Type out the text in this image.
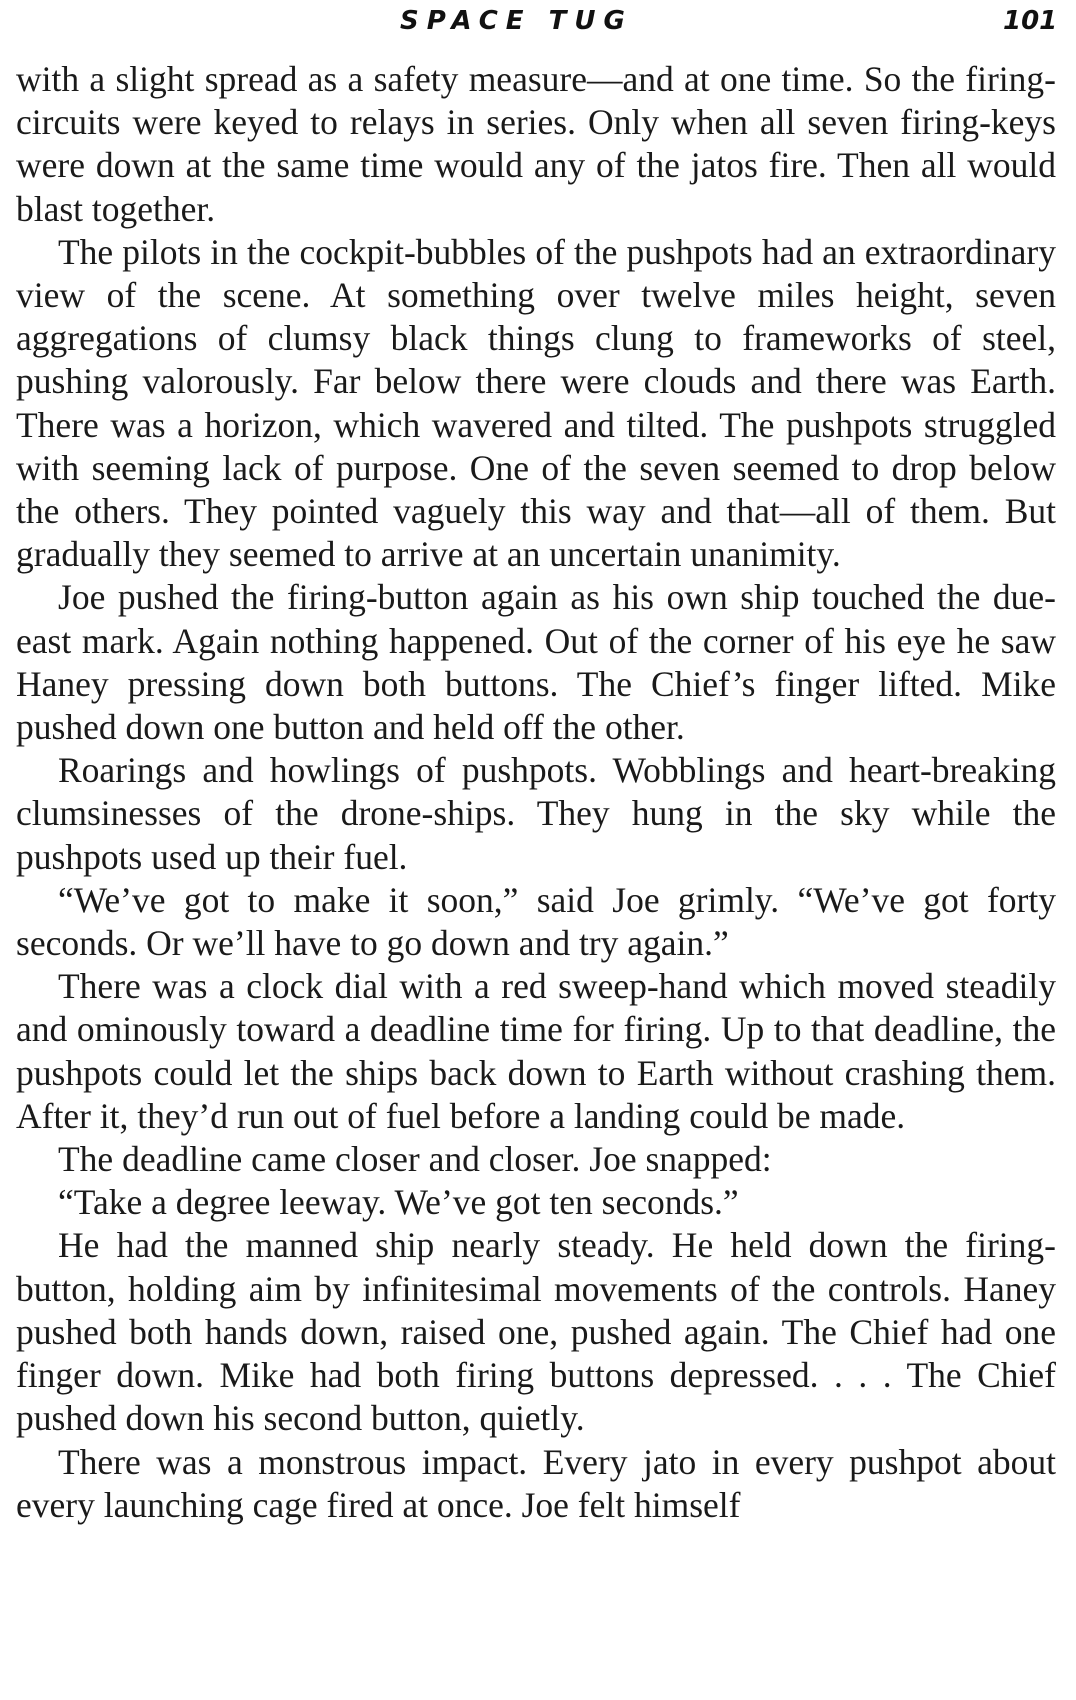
SPACE TUG	101

with a slight spread as a safety measure—and at one time. So the firing-circuits were keyed to relays in series. Only when all seven firing-keys were down at the same time would any of the jatos fire. Then all would blast together.

The pilots in the cockpit-bubbles of the pushpots had an extraordinary view of the scene. At something over twelve miles height, seven aggregations of clumsy black things clung to frameworks of steel, pushing valorously. Far below there were clouds and there was Earth. There was a horizon, which wavered and tilted. The pushpots struggled with seeming lack of purpose. One of the seven seemed to drop below the others. They pointed vaguely this way and that—all of them. But gradually they seemed to arrive at an uncertain unanimity.

Joe pushed the firing-button again as his own ship touched the due-east mark. Again nothing happened. Out of the corner of his eye he saw Haney pressing down both buttons. The Chief’s finger lifted. Mike pushed down one button and held off the other.

Roarings and howlings of pushpots. Wobblings and heart-breaking clumsinesses of the drone-ships. They hung in the sky while the pushpots used up their fuel.

“We’ve got to make it soon,” said Joe grimly. “We’ve got forty seconds. Or we’ll have to go down and try again.”

There was a clock dial with a red sweep-hand which moved steadily and ominously toward a deadline time for firing. Up to that deadline, the pushpots could let the ships back down to Earth without crashing them. After it, they’d run out of fuel before a landing could be made.

The deadline came closer and closer. Joe snapped:

“Take a degree leeway. We’ve got ten seconds.”

He had the manned ship nearly steady. He held down the firing-button, holding aim by infinitesimal movements of the controls. Haney pushed both hands down, raised one, pushed again. The Chief had one finger down. Mike had both firing buttons depressed. . . . The Chief pushed down his second button, quietly.

There was a monstrous impact. Every jato in every pushpot about every launching cage fired at once. Joe felt himself
